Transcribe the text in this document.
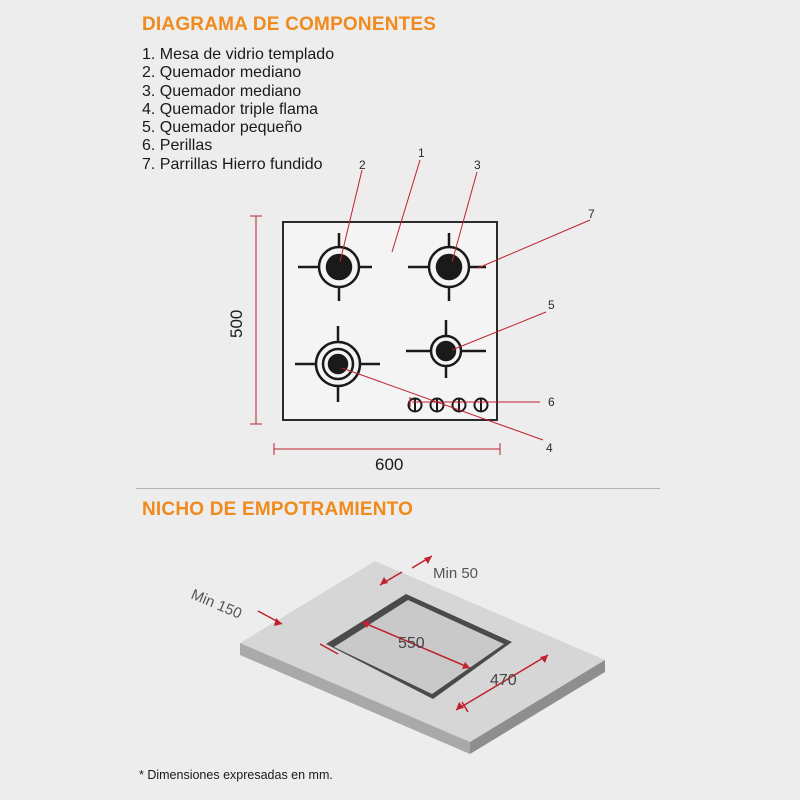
DIAGRAMA DE COMPONENTES
1. Mesa de vidrio templado
2. Quemador mediano
3. Quemador mediano
4. Quemador triple flama
5. Quemador pequeño
6. Perillas
7. Parrillas Hierro fundido
1
2	3
4
5
6
7
500
600
Min 50
Min 150
550
470
NICHO DE EMPOTRAMIENTO
* Dimensiones expresadas en mm.
